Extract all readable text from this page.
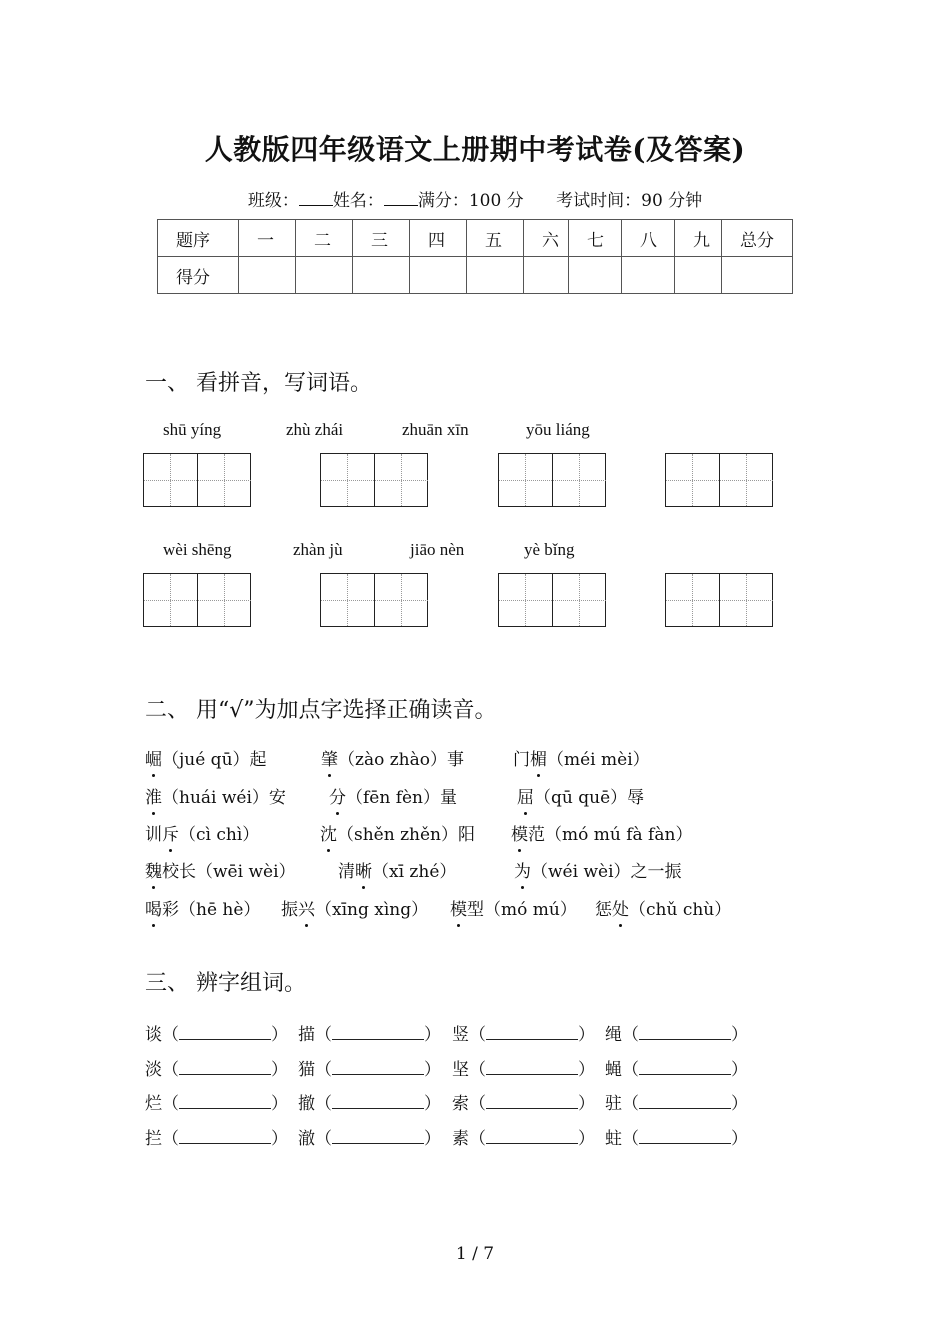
人教版四年级语文上册期中考试卷(及答案)
班级： 姓名： 满分：100 分 考试时间：90 分钟
题序	一	二	三	四	五	六	七	八	九	总分
得分										
一、 看拼音，写词语。
shū yíng	zhù zhái	zhuān xīn	yōu liáng
wèi shēng	zhàn jù	jiāo nèn	yè bǐng
二、 用“√”为加点字选择正确读音。
崛（jué qū）起	肇（zào zhào）事	门楣（méi mèi）
淮（huái wéi）安	分（fēn fèn）量	屈（qū quē）辱
训斥（cì chì）	沈（shěn zhěn）阳 模范（mó mú fà fàn）
魏校长（wēi wèi） 清晰（xī zhé）	为（wéi wèi）之一振
喝彩（hē hè） 振兴（xīng xìng） 模型（mó mú） 惩处（chǔ chù）
三、 辨字组词。
谈（	） 描（	） 竖（	） 绳（	）
淡（	） 猫（	） 坚（	） 蝇（	）
烂（	） 撤（	） 索（	） 驻（	）
拦（	） 澈（	） 素（	） 蛀（	）
1 / 7
